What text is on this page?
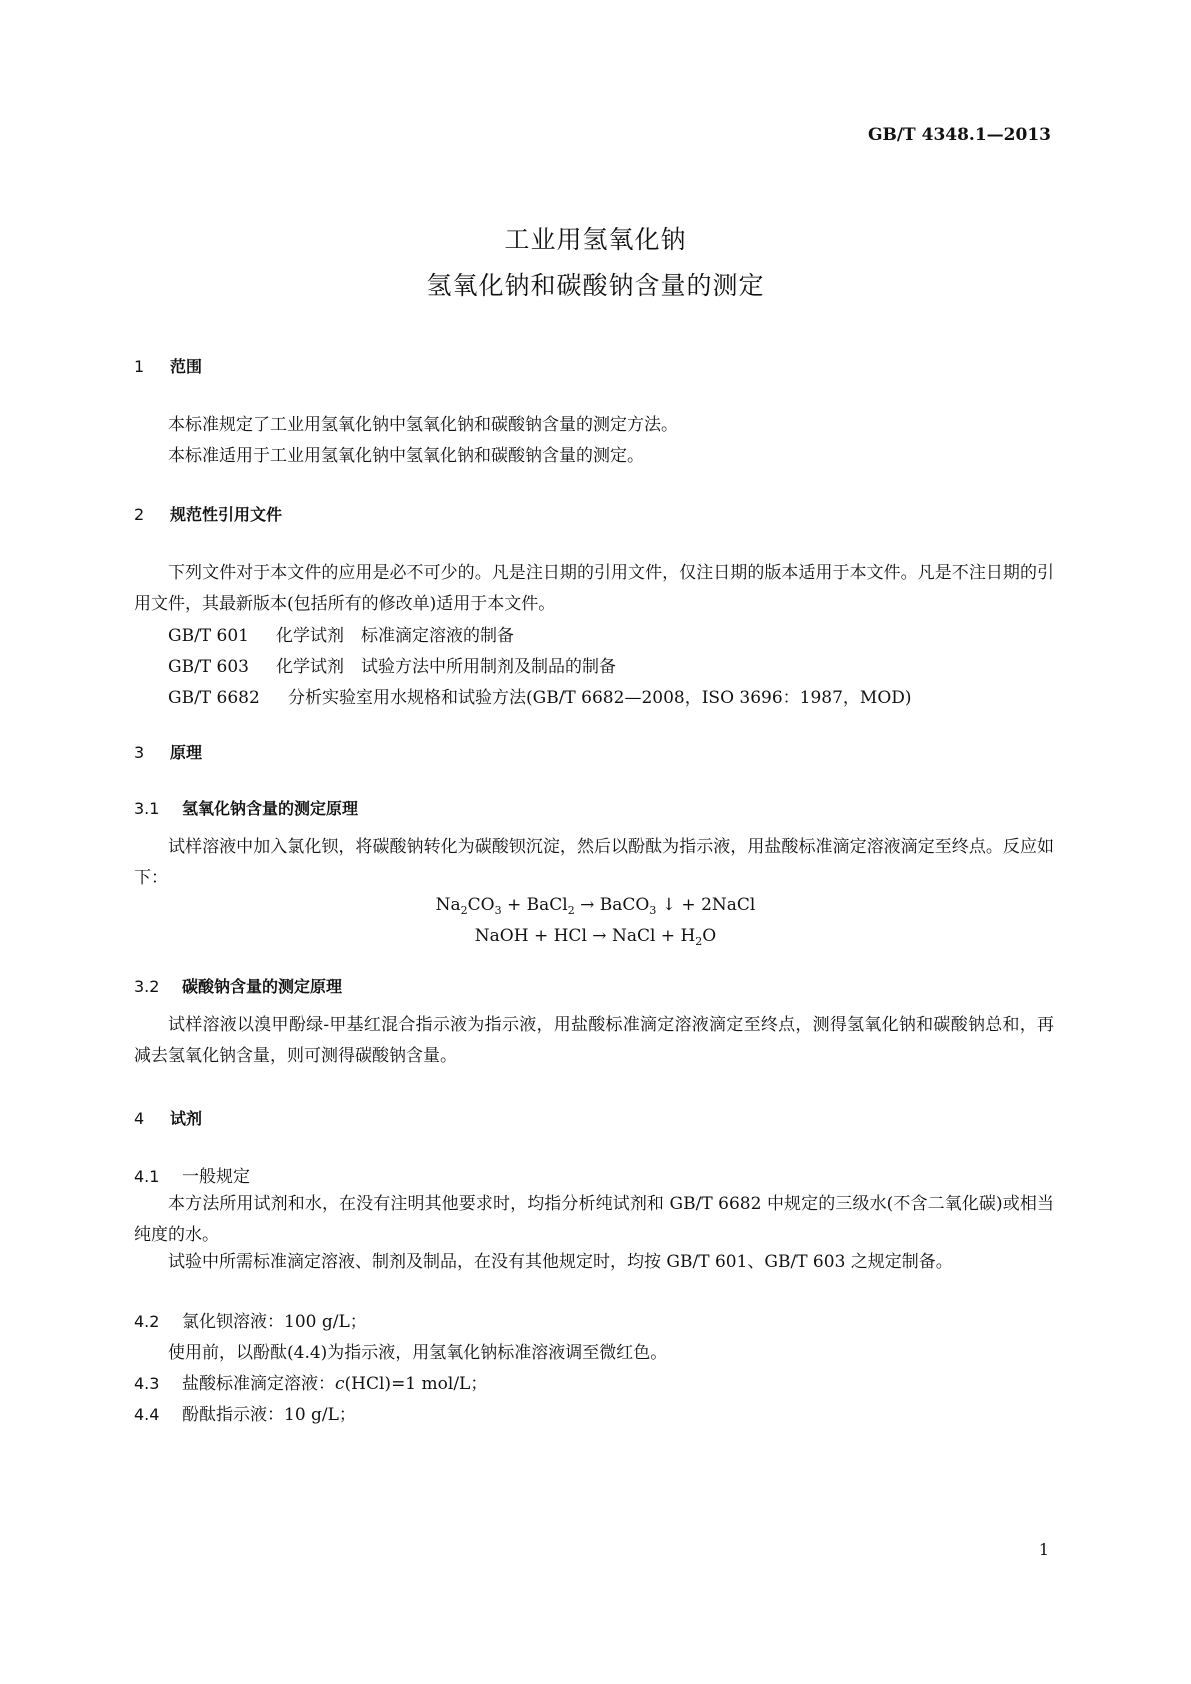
GB/T 4348.1—2013
工业用氢氧化钠
氢氧化钠和碳酸钠含量的测定
1 范围
本标准规定了工业用氢氧化钠中氢氧化钠和碳酸钠含量的测定方法。
本标准适用于工业用氢氧化钠中氢氧化钠和碳酸钠含量的测定。
2 规范性引用文件
下列文件对于本文件的应用是必不可少的。凡是注日期的引用文件，仅注日期的版本适用于本文件。凡是不注日期的引用文件，其最新版本(包括所有的修改单)适用于本文件。
GB/T 601 化学试剂　标准滴定溶液的制备
GB/T 603 化学试剂　试验方法中所用制剂及制品的制备
GB/T 6682 分析实验室用水规格和试验方法(GB/T 6682—2008，ISO 3696：1987，MOD)
3 原理
3.1 氢氧化钠含量的测定原理
试样溶液中加入氯化钡，将碳酸钠转化为碳酸钡沉淀，然后以酚酞为指示液，用盐酸标准滴定溶液滴定至终点。反应如下：
$Na_2CO_3$ + BaCl$_2$ → BaCO$_3$ ↓ + 2NaCl
NaOH + HCl → NaCl + $H_2O$
3.2 碳酸钠含量的测定原理
试样溶液以溴甲酚绿-甲基红混合指示液为指示液，用盐酸标准滴定溶液滴定至终点，测得氢氧化钠和碳酸钠总和，再减去氢氧化钠含量，则可测得碳酸钠含量。
4 试剂
4.1 一般规定
本方法所用试剂和水，在没有注明其他要求时，均指分析纯试剂和 GB/T 6682 中规定的三级水(不含二氧化碳)或相当纯度的水。
试验中所需标准滴定溶液、制剂及制品，在没有其他规定时，均按 GB/T 601、GB/T 603 之规定制备。
4.2 氯化钡溶液：100 g/L；
使用前，以酚酞(4.4)为指示液，用氢氧化钠标准溶液调至微红色。
4.3 盐酸标准滴定溶液：c(HCl)=1 mol/L；
4.4 酚酞指示液：10 g/L；
1
